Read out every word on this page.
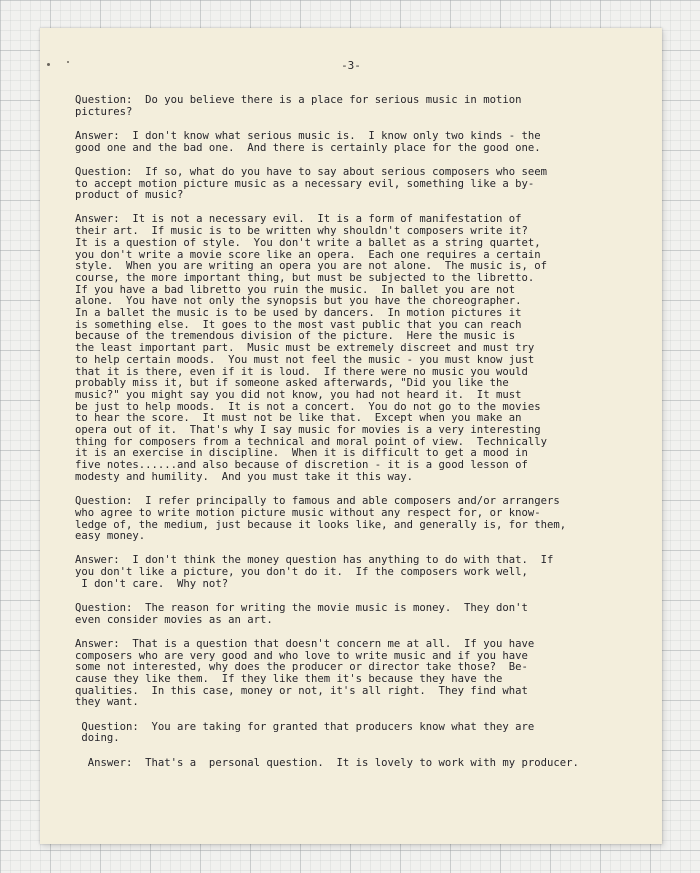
-3-
Question:  Do you believe there is a place for serious music in motion
pictures?
Answer:  I don't know what serious music is.  I know only two kinds - the
good one and the bad one.  And there is certainly place for the good one.
Question:  If so, what do you have to say about serious composers who seem
to accept motion picture music as a necessary evil, something like a by-
product of music?
Answer:  It is not a necessary evil.  It is a form of manifestation of
their art.  If music is to be written why shouldn't composers write it?
It is a question of style.  You don't write a ballet as a string quartet,
you don't write a movie score like an opera.  Each one requires a certain
style.  When you are writing an opera you are not alone.  The music is, of
course, the more important thing, but must be subjected to the libretto.
If you have a bad libretto you ruin the music.  In ballet you are not
alone.  You have not only the synopsis but you have the choreographer.
In a ballet the music is to be used by dancers.  In motion pictures it
is something else.  It goes to the most vast public that you can reach
because of the tremendous division of the picture.  Here the music is
the least important part.  Music must be extremely discreet and must try
to help certain moods.  You must not feel the music - you must know just
that it is there, even if it is loud.  If there were no music you would
probably miss it, but if someone asked afterwards, "Did you like the
music?" you might say you did not know, you had not heard it.  It must
be just to help moods.  It is not a concert.  You do not go to the movies
to hear the score.  It must not be like that.  Except when you make an
opera out of it.  That's why I say music for movies is a very interesting
thing for composers from a technical and moral point of view.  Technically
it is an exercise in discipline.  When it is difficult to get a mood in
five notes......and also because of discretion - it is a good lesson of
modesty and humility.  And you must take it this way.
Question:  I refer principally to famous and able composers and/or arrangers
who agree to write motion picture music without any respect for, or know-
ledge of, the medium, just because it looks like, and generally is, for them,
easy money.
Answer:  I don't think the money question has anything to do with that.  If
you don't like a picture, you don't do it.  If the composers work well,
I don't care.  Why not?
Question:  The reason for writing the movie music is money.  They don't
even consider movies as an art.
Answer:  That is a question that doesn't concern me at all.  If you have
composers who are very good and who love to write music and if you have
some not interested, why does the producer or director take those?  Be-
cause they like them.  If they like them it's because they have the
qualities.  In this case, money or not, it's all right.  They find what
they want.
Question:  You are taking for granted that producers know what they are
doing.
Answer:  That's a  personal question.  It is lovely to work with my producer.
